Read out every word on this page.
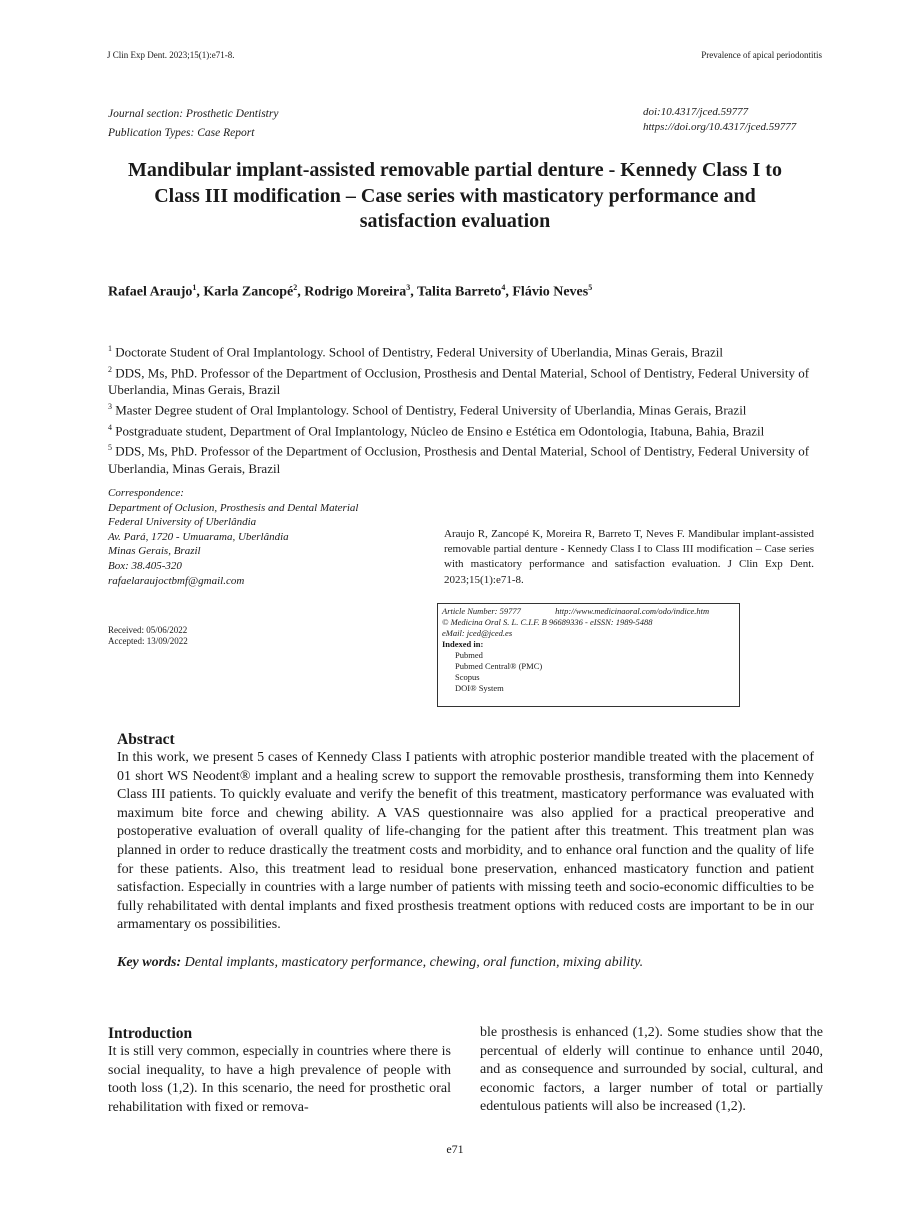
J Clin Exp Dent. 2023;15(1):e71-8.	Prevalence of apical periodontitis
Journal section: Prosthetic Dentistry
Publication Types: Case Report
doi:10.4317/jced.59777
https://doi.org/10.4317/jced.59777
Mandibular implant-assisted removable partial denture - Kennedy Class I to Class III modification – Case series with masticatory performance and satisfaction evaluation
Rafael Araujo$^1$, Karla Zancopé$^2$, Rodrigo Moreira$^3$, Talita Barreto$^4$, Flávio Neves$^5$

$^1$ Doctorate Student of Oral Implantology. School of Dentistry, Federal University of Uberlandia, Minas Gerais, Brazil

$^2$ DDS, Ms, PhD. Professor of the Department of Occlusion, Prosthesis and Dental Material, School of Dentistry, Federal University of Uberlandia, Minas Gerais, Brazil

$^3$ Master Degree student of Oral Implantology. School of Dentistry, Federal University of Uberlandia, Minas Gerais, Brazil

$^4$ Postgraduate student, Department of Oral Implantology, Núcleo de Ensino e Estética em Odontologia, Itabuna, Bahia, Brazil

$^5$ DDS, Ms, PhD. Professor of the Department of Occlusion, Prosthesis and Dental Material, School of Dentistry, Federal University of Uberlandia, Minas Gerais, Brazil

Correspondence:
Department of Oclusion, Prosthesis and Dental Material
Federal University of Uberlândia
Av. Pará, 1720 - Umuarama, Uberlândia
Minas Gerais, Brazil
Box: 38.405-320
rafaelaraujoctbmf@gmail.com
Received: 05/06/2022
Accepted: 13/09/2022
Araujo R, Zancopé K, Moreira R, Barreto T, Neves F. Mandibular implant-assisted removable partial denture - Kennedy Class I to Class III modification – Case series with masticatory performance and satisfaction evaluation. J Clin Exp Dent. 2023;15(1):e71-8.
Article Number: 59777	http://www.medicinaoral.com/odo/indice.htm
© Medicina Oral S. L. C.I.F. B 96689336 - eISSN: 1989-5488
eMail: jced@jced.es
Indexed in:
Pubmed
Pubmed Central® (PMC)
Scopus
DOI® System
Abstract

In this work, we present 5 cases of Kennedy Class I patients with atrophic posterior mandible treated with the placement of 01 short WS Neodent® implant and a healing screw to support the removable prosthesis, transforming them into Kennedy Class III patients. To quickly evaluate and verify the benefit of this treatment, masticatory performance was evaluated with maximum bite force and chewing ability. A VAS questionnaire was also applied for a practical preoperative and postoperative evaluation of overall quality of life-changing for the patient after this treatment. This treatment plan was planned in order to reduce drastically the treatment costs and morbidity, and to enhance oral function and the quality of life for these patients. Also, this treatment lead to residual bone preservation, enhanced masticatory function and patient satisfaction. Especially in countries with a large number of patients with missing teeth and socio-economic difficulties to be fully rehabilitated with dental implants and fixed prosthesis treatment options with reduced costs are important to be in our armamentary os possibilities.

Key words: Dental implants, masticatory performance, chewing, oral function, mixing ability.
Introduction

It is still very common, especially in countries where there is social inequality, to have a high prevalence of people with tooth loss (1,2). In this scenario, the need for prosthetic oral rehabilitation with fixed or remova-

ble prosthesis is enhanced (1,2). Some studies show that the percentual of elderly will continue to enhance until 2040, and as consequence and surrounded by social, cultural, and economic factors, a larger number of total or partially edentulous patients will also be increased (1,2).

e71
